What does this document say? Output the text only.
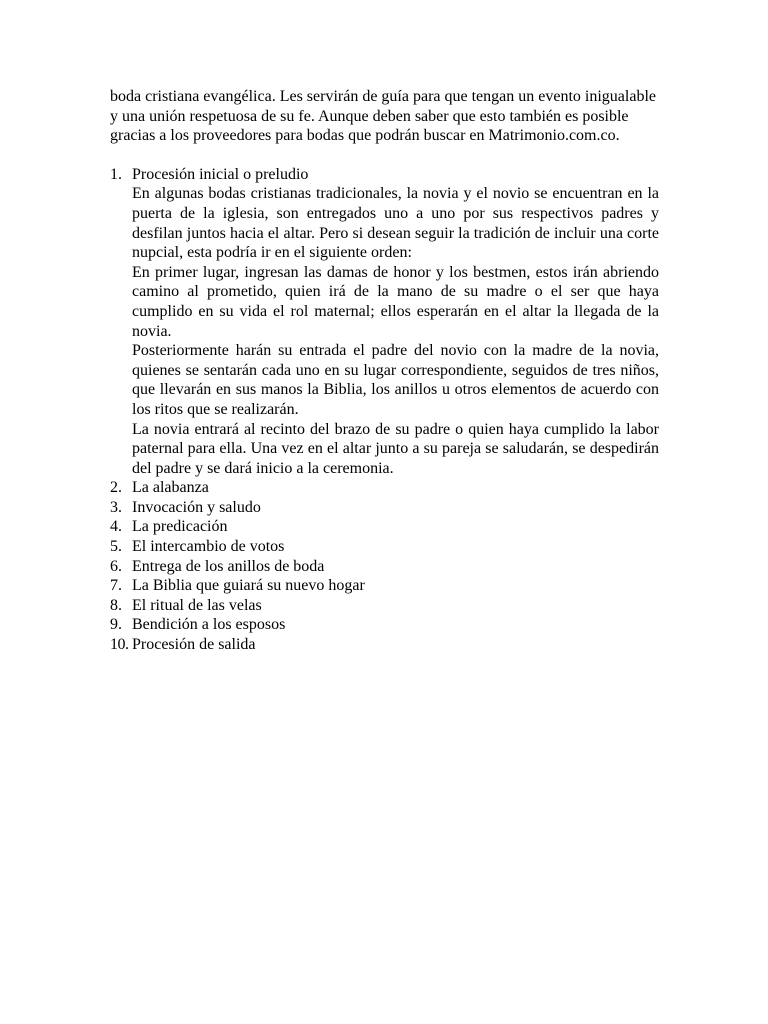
boda cristiana evangélica. Les servirán de guía para que tengan un evento inigualable y una unión respetuosa de su fe. Aunque deben saber que esto también es posible gracias a los proveedores para bodas que podrán buscar en Matrimonio.com.co.

1. Procesión inicial o preludio

En algunas bodas cristianas tradicionales, la novia y el novio se encuentran en la puerta de la iglesia, son entregados uno a uno por sus respectivos padres y desfilan juntos hacia el altar. Pero si desean seguir la tradición de incluir una corte nupcial, esta podría ir en el siguiente orden:

En primer lugar, ingresan las damas de honor y los bestmen, estos irán abriendo camino al prometido, quien irá de la mano de su madre o el ser que haya cumplido en su vida el rol maternal; ellos esperarán en el altar la llegada de la novia.

Posteriormente harán su entrada el padre del novio con la madre de la novia, quienes se sentarán cada uno en su lugar correspondiente, seguidos de tres niños, que llevarán en sus manos la Biblia, los anillos u otros elementos de acuerdo con los ritos que se realizarán.

La novia entrará al recinto del brazo de su padre o quien haya cumplido la labor paternal para ella. Una vez en el altar junto a su pareja se saludarán, se despedirán del padre y se dará inicio a la ceremonia.

2. La alabanza
3. Invocación y saludo
4. La predicación
5. El intercambio de votos
6. Entrega de los anillos de boda
7. La Biblia que guiará su nuevo hogar
8. El ritual de las velas
9. Bendición a los esposos
10. Procesión de salida
